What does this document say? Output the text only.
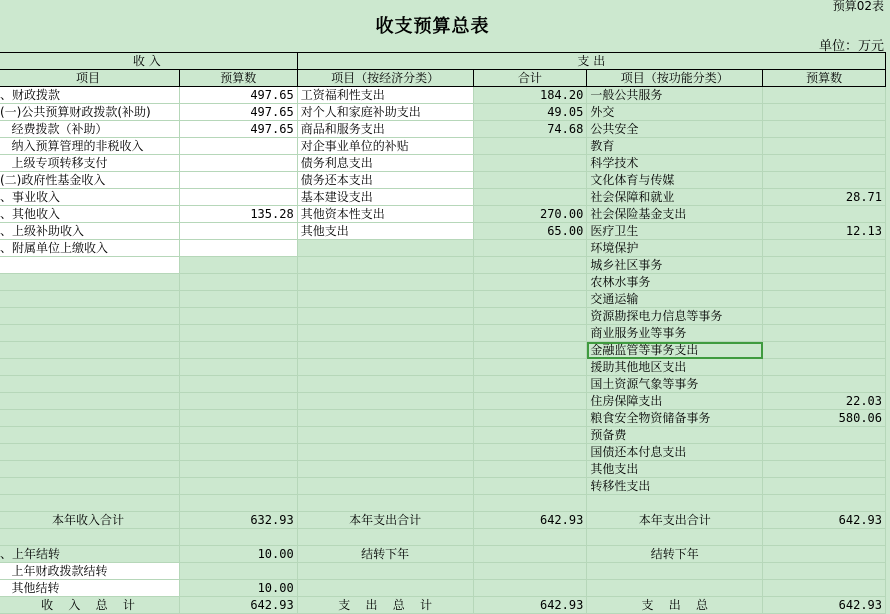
预算02表
收支预算总表
单位：万元
收 入		支 出			
项目	预算数	项目（按经济分类）	合计	项目（按功能分类）	预算数
、财政拨款	497.65	工资福利性支出	184.20	一般公共服务	
(一)公共预算财政拨款(补助)	497.65	对个人和家庭补助支出	49.05	外交	
经费拨款（补助）	497.65	商品和服务支出	74.68	公共安全	
纳入预算管理的非税收入		对企事业单位的补贴		教育	
上级专项转移支付		债务利息支出		科学技术	
(二)政府性基金收入		债务还本支出		文化体育与传媒	
、事业收入		基本建设支出		社会保障和就业	28.71
、其他收入	135.28	其他资本性支出	270.00	社会保险基金支出	
、上级补助收入		其他支出	65.00	医疗卫生	12.13
、附属单位上缴收入				环境保护	
				城乡社区事务	
				农林水事务	
				交通运输	
				资源勘探电力信息等事务	
				商业服务业等事务	
				金融监管等事务支出	
				援助其他地区支出	
				国土资源气象等事务	
				住房保障支出	22.03
				粮食安全物资储备事务	580.06
				预备费	
				国债还本付息支出	
				其他支出	
				转移性支出	

本年收入合计	632.93	本年支出合计	642.93	本年支出合计	642.93

、上年结转	10.00	结转下年		结转下年	
上年财政拨款结转					
其他结转	10.00				
收    入    总    计	642.93	支    出    总    计	642.93	支    出    总	642.93
